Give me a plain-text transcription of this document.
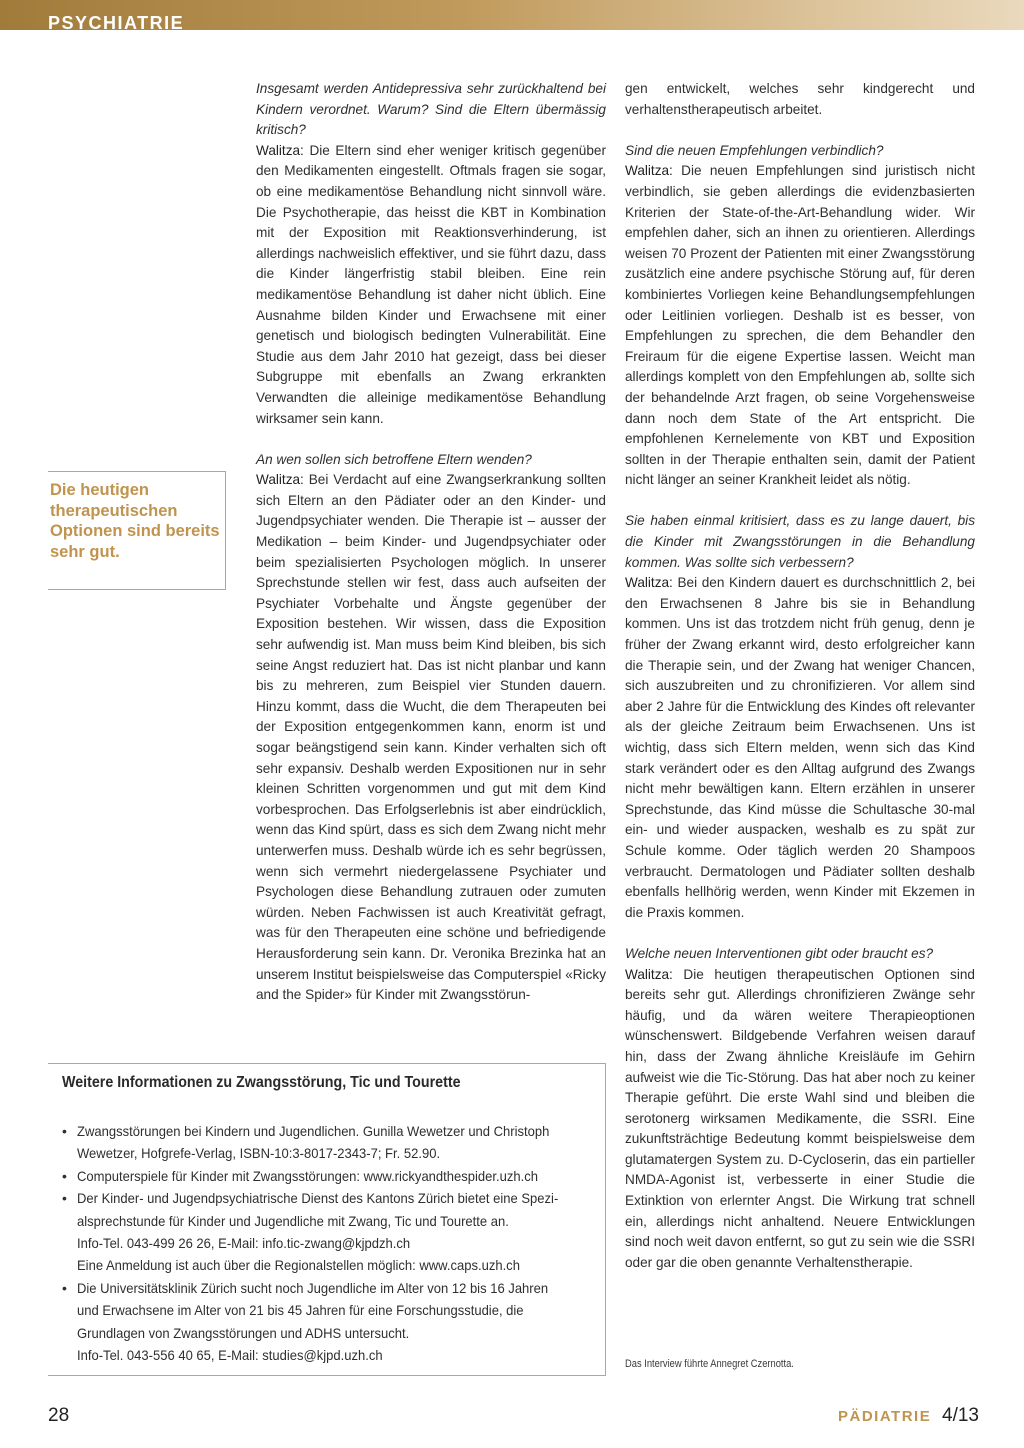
PSYCHIATRIE

Insgesamt werden Antidepressiva sehr zurückhaltend bei Kindern verordnet. Warum? Sind die Eltern übermässig kritisch?

Walitza: Die Eltern sind eher weniger kritisch gegenüber den Medikamenten eingestellt. Oftmals fragen sie sogar, ob eine medikamentöse Behandlung nicht sinnvoll wäre. Die Psychotherapie, das heisst die KBT in Kombination mit der Exposition mit Reaktionsverhinderung, ist allerdings nachweislich effektiver, und sie führt dazu, dass die Kinder längerfristig stabil bleiben. Eine rein medikamentöse Behandlung ist daher nicht üblich. Eine Ausnahme bilden Kinder und Erwachsene mit einer genetisch und biologisch bedingten Vulnerabilität. Eine Studie aus dem Jahr 2010 hat gezeigt, dass bei dieser Subgruppe mit ebenfalls an Zwang erkrankten Verwandten die alleinige medikamentöse Behandlung wirksamer sein kann.

An wen sollen sich betroffene Eltern wenden?

Walitza: Bei Verdacht auf eine Zwangserkrankung sollten sich Eltern an den Pädiater oder an den Kinder- und Jugendpsychiater wenden. Die Therapie ist – ausser der Medikation – beim Kinder- und Jugendpsychiater oder beim spezialisierten Psychologen möglich. In unserer Sprechstunde stellen wir fest, dass auch aufseiten der Psychiater Vorbehalte und Ängste gegenüber der Exposition bestehen. Wir wissen, dass die Exposition sehr aufwendig ist. Man muss beim Kind bleiben, bis sich seine Angst reduziert hat. Das ist nicht planbar und kann bis zu mehreren, zum Beispiel vier Stunden dauern. Hinzu kommt, dass die Wucht, die dem Therapeuten bei der Exposition entgegenkommen kann, enorm ist und sogar beängstigend sein kann. Kinder verhalten sich oft sehr expansiv. Deshalb werden Expositionen nur in sehr kleinen Schritten vorgenommen und gut mit dem Kind vorbesprochen. Das Erfolgserlebnis ist aber eindrücklich, wenn das Kind spürt, dass es sich dem Zwang nicht mehr unterwerfen muss. Deshalb würde ich es sehr begrüssen, wenn sich vermehrt niedergelassene Psychiater und Psychologen diese Behandlung zutrauen oder zumuten würden. Neben Fachwissen ist auch Kreativität gefragt, was für den Therapeuten eine schöne und befriedigende Herausforderung sein kann. Dr. Veronika Brezinka hat an unserem Institut beispielsweise das Computerspiel «Ricky and the Spider» für Kinder mit Zwangsstörun-

gen entwickelt, welches sehr kindgerecht und verhaltenstherapeutisch arbeitet.

Sind die neuen Empfehlungen verbindlich?

Walitza: Die neuen Empfehlungen sind juristisch nicht verbindlich, sie geben allerdings die evidenzbasierten Kriterien der State-of-the-Art-Behandlung wider. Wir empfehlen daher, sich an ihnen zu orientieren. Allerdings weisen 70 Prozent der Patienten mit einer Zwangsstörung zusätzlich eine andere psychische Störung auf, für deren kombiniertes Vorliegen keine Behandlungsempfehlungen oder Leitlinien vorliegen. Deshalb ist es besser, von Empfehlungen zu sprechen, die dem Behandler den Freiraum für die eigene Expertise lassen. Weicht man allerdings komplett von den Empfehlungen ab, sollte sich der behandelnde Arzt fragen, ob seine Vorgehensweise dann noch dem State of the Art entspricht. Die empfohlenen Kernelemente von KBT und Exposition sollten in der Therapie enthalten sein, damit der Patient nicht länger an seiner Krankheit leidet als nötig.

Sie haben einmal kritisiert, dass es zu lange dauert, bis die Kinder mit Zwangsstörungen in die Behandlung kommen. Was sollte sich verbessern?

Walitza: Bei den Kindern dauert es durchschnittlich 2, bei den Erwachsenen 8 Jahre bis sie in Behandlung kommen. Uns ist das trotzdem nicht früh genug, denn je früher der Zwang erkannt wird, desto erfolgreicher kann die Therapie sein, und der Zwang hat weniger Chancen, sich auszubreiten und zu chronifizieren. Vor allem sind aber 2 Jahre für die Entwicklung des Kindes oft relevanter als der gleiche Zeitraum beim Erwachsenen. Uns ist wichtig, dass sich Eltern melden, wenn sich das Kind stark verändert oder es den Alltag aufgrund des Zwangs nicht mehr bewältigen kann. Eltern erzählen in unserer Sprechstunde, das Kind müsse die Schultasche 30-mal ein- und wieder auspacken, weshalb es zu spät zur Schule komme. Oder täglich werden 20 Shampoos verbraucht. Dermatologen und Pädiater sollten deshalb ebenfalls hellhörig werden, wenn Kinder mit Ekzemen in die Praxis kommen.

Welche neuen Interventionen gibt oder braucht es?

Walitza: Die heutigen therapeutischen Optionen sind bereits sehr gut. Allerdings chronifizieren Zwänge sehr häufig, und da wären weitere Therapieoptionen wünschenswert. Bildgebende Verfahren weisen darauf hin, dass der Zwang ähnliche Kreisläufe im Gehirn aufweist wie die Tic-Störung. Das hat aber noch zu keiner Therapie geführt. Die erste Wahl sind und bleiben die serotonerg wirksamen Medikamente, die SSRI. Eine zukunftsträchtige Bedeutung kommt beispielsweise dem glutamatergen System zu. D-Cycloserin, das ein partieller NMDA-Agonist ist, verbesserte in einer Studie die Extinktion von erlernter Angst. Die Wirkung trat schnell ein, allerdings nicht anhaltend. Neuere Entwicklungen sind noch weit davon entfernt, so gut zu sein wie die SSRI oder gar die oben genannte Verhaltenstherapie.

Die heutigen therapeutischen Optionen sind bereits sehr gut.
Weitere Informationen zu Zwangsstörung, Tic und Tourette
• Zwangsstörungen bei Kindern und Jugendlichen. Gunilla Wewetzer und Christoph
Wewetzer, Hofgrefe-Verlag, ISBN-10:3-8017-2343-7; Fr. 52.90.
• Computerspiele für Kinder mit Zwangsstörungen: www.rickyandthespider.uzh.ch
• Der Kinder- und Jugendpsychiatrische Dienst des Kantons Zürich bietet eine Spezi-
alsprechstunde für Kinder und Jugendliche mit Zwang, Tic und Tourette an.
Info-Tel. 043-499 26 26, E-Mail: info.tic-zwang@kjpdzh.ch
Eine Anmeldung ist auch über die Regionalstellen möglich: www.caps.uzh.ch
• Die Universitätsklinik Zürich sucht noch Jugendliche im Alter von 12 bis 16 Jahren
und Erwachsene im Alter von 21 bis 45 Jahren für eine Forschungsstudie, die
Grundlagen von Zwangsstörungen und ADHS untersucht.
Info-Tel. 043-556 40 65, E-Mail: studies@kjpd.uzh.ch
Das Interview führte Annegret Czernotta.
28	PÄDIATRIE 4/13
